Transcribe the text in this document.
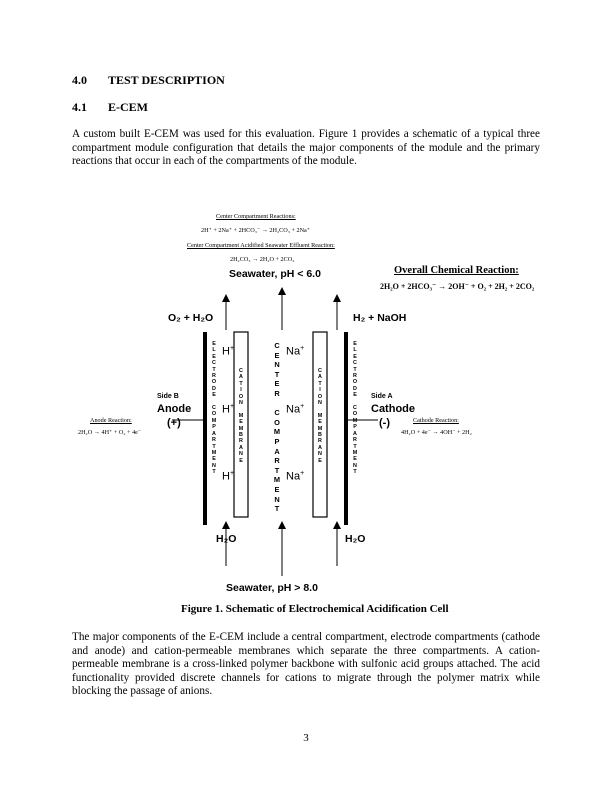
4.0 TEST DESCRIPTION
4.1 E-CEM
A custom built E-CEM was used for this evaluation. Figure 1 provides a schematic of a typical three compartment module configuration that details the major components of the module and the primary reactions that occur in each of the compartments of the module.
Center Compartment Reactions:
2H⁺ + 2Na⁺ + 2HCO₃⁻ → 2H₂CO₃ + 2Na⁺
Center Compartment Acidified Seawater Effluent Reaction:
2H₂CO₃ → 2H₂O + 2CO₂
Seawater, pH < 6.0	Overall Chemical Reaction:
2H₂O + 2HCO₃⁻ → 2OH⁻ + O₂ + 2H₂ + 2CO₂
O₂ + H₂O	H₂ + NaOH
E
L
E
C
T
R
O
D
E

C
O
M
P
A
R
T
M
E
N
T
E
L
E
C
T
R
O
D
E

C
O
M
P
A
R
T
M
E
N
T
C
A
T
I
O
N

M
E
M
B
R
A
N
E
C
A
T
I
O
N

M
E
M
B
R
A
N
E
C
E
N
T
E
R

C
O
M
P
A
R
T
M
E
N
T
H+
H+
H+
Na+
Na+
Na+
Side B
Anode
(+)
Side A
Cathode
(-)
Anode Reaction:
2H₂O → 4H⁺ + O₂ + 4e⁻
Cathode Reaction:
4H₂O + 4e⁻ → 4OH⁻ + 2H₂
H₂O	H₂O
Seawater, pH > 8.0
Figure 1. Schematic of Electrochemical Acidification Cell
The major components of the E-CEM include a central compartment, electrode compartments (cathode and anode) and cation-permeable membranes which separate the three compartments. A cation-permeable membrane is a cross-linked polymer backbone with sulfonic acid groups attached. The acid functionality provided discrete channels for cations to migrate through the polymer matrix while blocking the passage of anions.
3
